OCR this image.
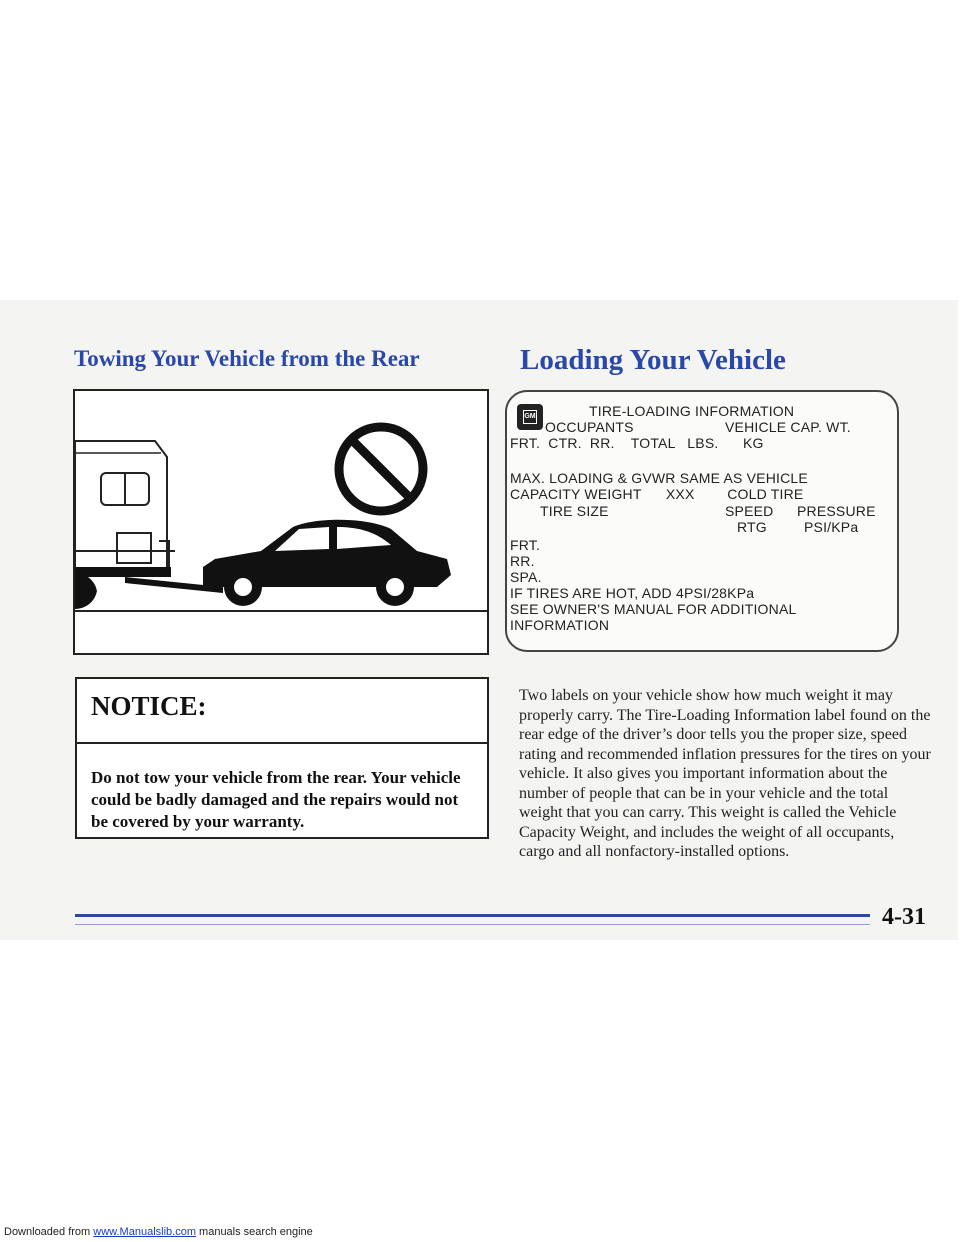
Towing Your Vehicle from the Rear	Loading Your Vehicle
GM	TIRE-LOADING INFORMATION
OCCUPANTS	VEHICLE CAP. WT.
FRT.  CTR.  RR.    TOTAL   LBS.      KG
MAX. LOADING & GVWR SAME AS VEHICLE
CAPACITY WEIGHT      XXX        COLD TIRE
TIRE SIZE	SPEED PRESSURE
RTG	PSI/KPa
FRT.
RR.
SPA.
IF TIRES ARE HOT, ADD 4PSI/28KPa
SEE OWNER'S MANUAL FOR ADDITIONAL
INFORMATION
NOTICE:
Do not tow your vehicle from the rear. Your vehicle could be badly damaged and the repairs would not be covered by your warranty.
Two labels on your vehicle show how much weight it may properly carry. The Tire-Loading Information label found on the rear edge of the driver’s door tells you the proper size, speed rating and recommended inflation pressures for the tires on your vehicle. It also gives you important information about the number of people that can be in your vehicle and the total weight that you can carry. This weight is called the Vehicle Capacity Weight, and includes the weight of all occupants, cargo and all nonfactory-installed options.
4-31
Downloaded from www.Manualslib.com manuals search engine
